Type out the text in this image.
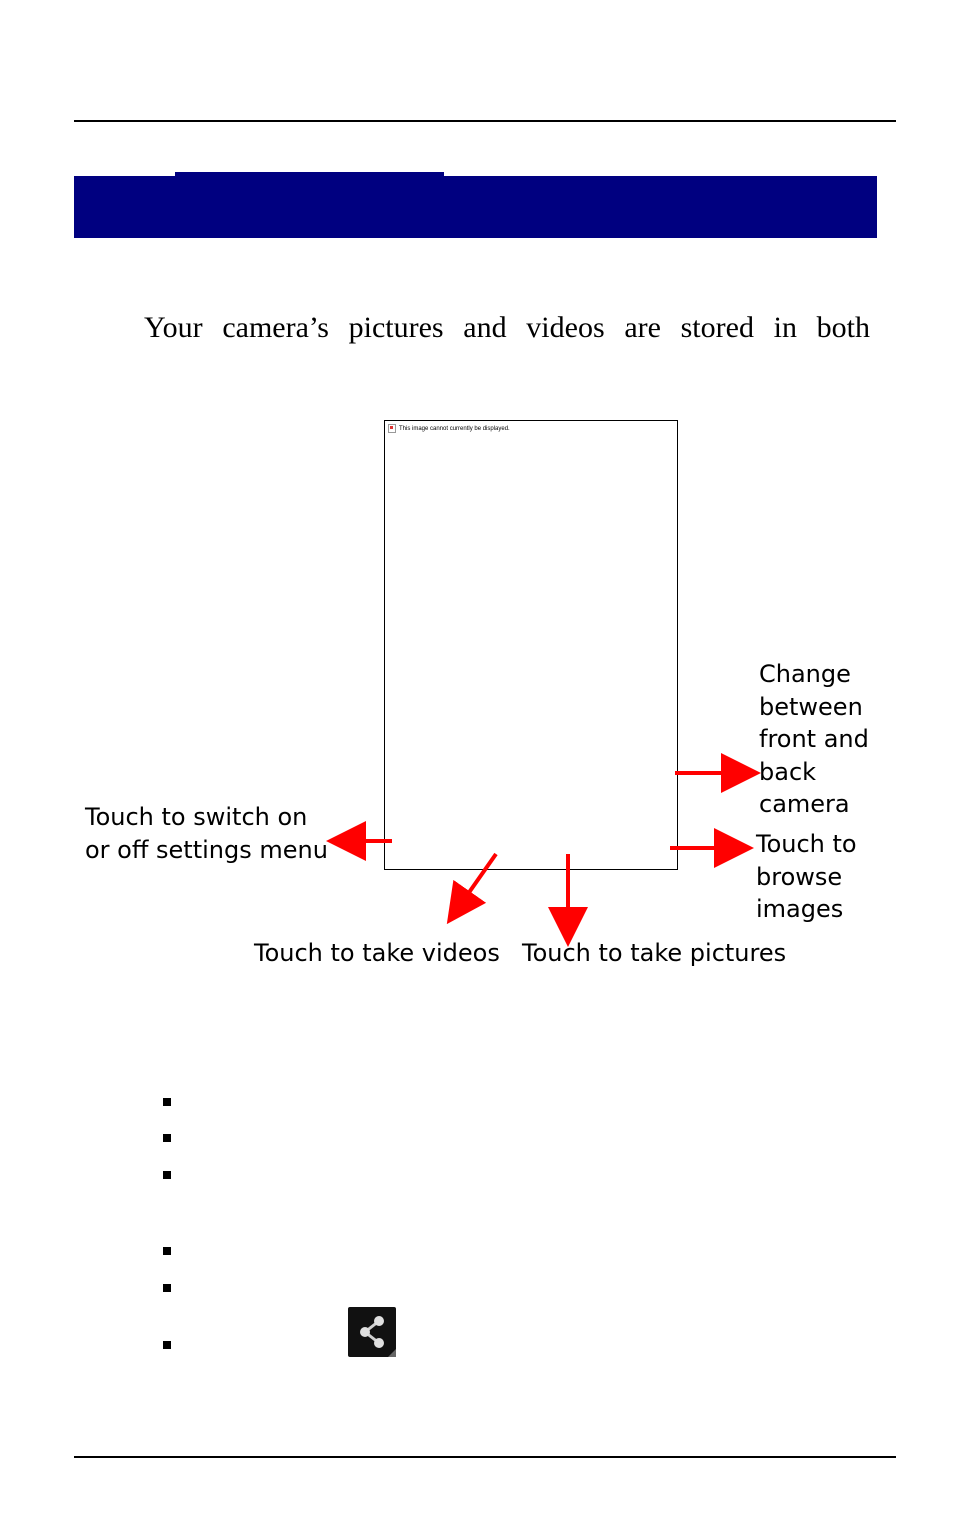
Your camera’s pictures and videos are stored in both

This image cannot currently be displayed.
Change
between
front and
back
camera
Touch to
browse
images
Touch to switch on
or off settings menu
Touch to take videos Touch to take pictures
